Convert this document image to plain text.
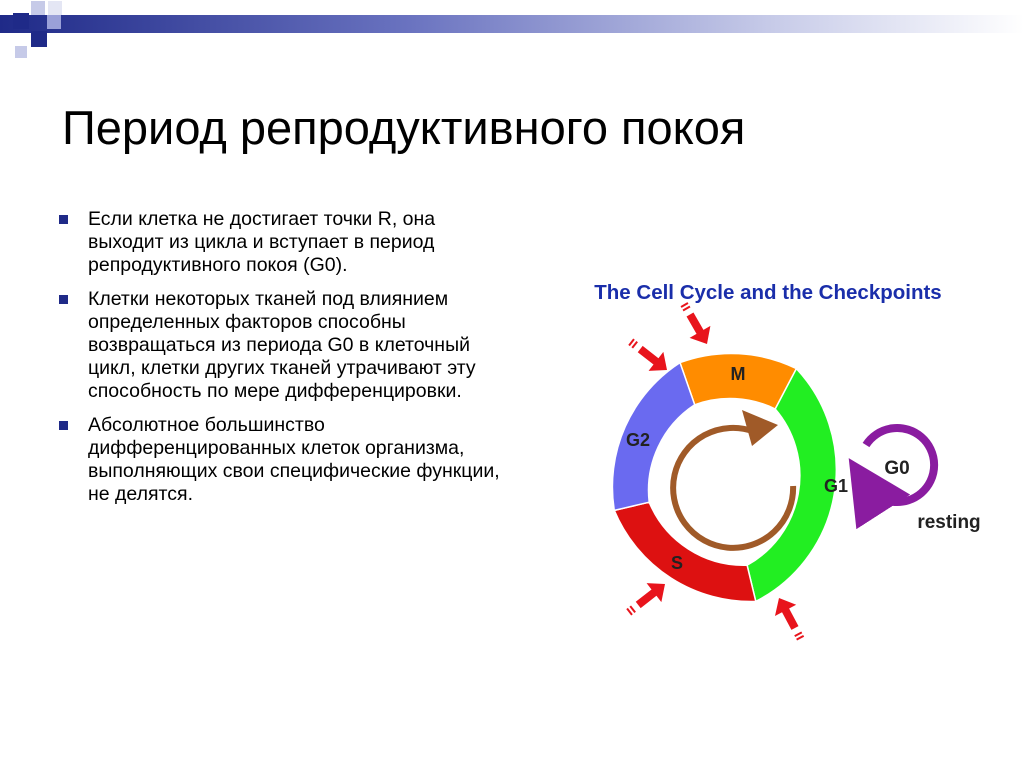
Период репродуктивного покоя
Если клетка не достигает точки R, она выходит из цикла и вступает в период репродуктивного покоя (G0).
Клетки некоторых тканей под влиянием определенных факторов способны возвращаться из периода G0 в клеточный цикл, клетки других тканей утрачивают эту способность по мере дифференцировки.
Абсолютное большинство дифференцированных клеток организма, выполняющих свои специфические функции, не делятся.
The Cell Cycle and the Checkpoints
M
G1
S
G2
G0
resting
